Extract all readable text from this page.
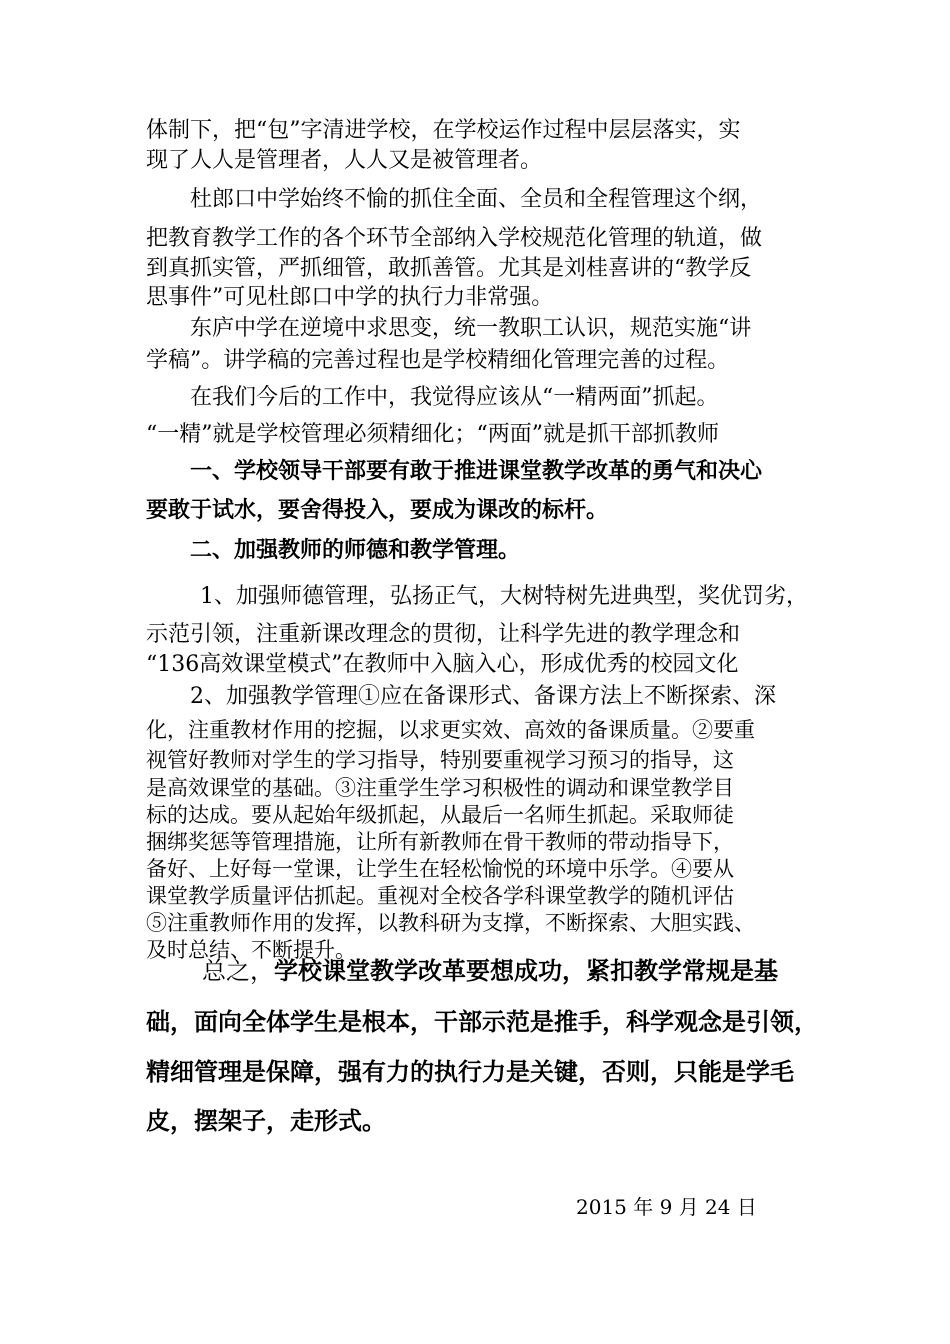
体制下，把“包”字清进学校，在学校运作过程中层层落实，实
现了人人是管理者，人人又是被管理者。
杜郎口中学始终不愉的抓住全面、全员和全程管理这个纲，
把教育教学工作的各个环节全部纳入学校规范化管理的轨道，做
到真抓实管，严抓细管，敢抓善管。尤其是刘桂喜讲的“教学反
思事件”可见杜郎口中学的执行力非常强。
东庐中学在逆境中求思变，统一教职工认识，规范实施“讲
学稿”。讲学稿的完善过程也是学校精细化管理完善的过程。
在我们今后的工作中，我觉得应该从“一精两面”抓起。
“一精”就是学校管理必须精细化；“两面”就是抓干部抓教师
一、学校领导干部要有敢于推进课堂教学改革的勇气和决心
要敢于试水，要舍得投入，要成为课改的标杆。
二、加强教师的师德和教学管理。
1、加强师德管理，弘扬正气，大树特树先进典型，奖优罚劣，
示范引领，注重新课改理念的贯彻，让科学先进的教学理念和
“136高效课堂模式”在教师中入脑入心，形成优秀的校园文化
2、加强教学管理①应在备课形式、备课方法上不断探索、深
化，注重教材作用的挖掘，以求更实效、高效的备课质量。②要重
视管好教师对学生的学习指导，特别要重视学习预习的指导，这
是高效课堂的基础。③注重学生学习积极性的调动和课堂教学目
标的达成。要从起始年级抓起，从最后一名师生抓起。采取师徒
捆绑奖惩等管理措施，让所有新教师在骨干教师的带动指导下，
备好、上好每一堂课，让学生在轻松愉悦的环境中乐学。④要从
课堂教学质量评估抓起。重视对全校各学科课堂教学的随机评估
⑤注重教师作用的发挥，以教科研为支撑，不断探索、大胆实践、
及时总结、不断提升。
总之，学校课堂教学改革要想成功，紧扣教学常规是基
础，面向全体学生是根本，干部示范是推手，科学观念是引领，
精细管理是保障，强有力的执行力是关键，否则，只能是学毛
皮，摆架子，走形式。
2015 年 9 月 24 日
